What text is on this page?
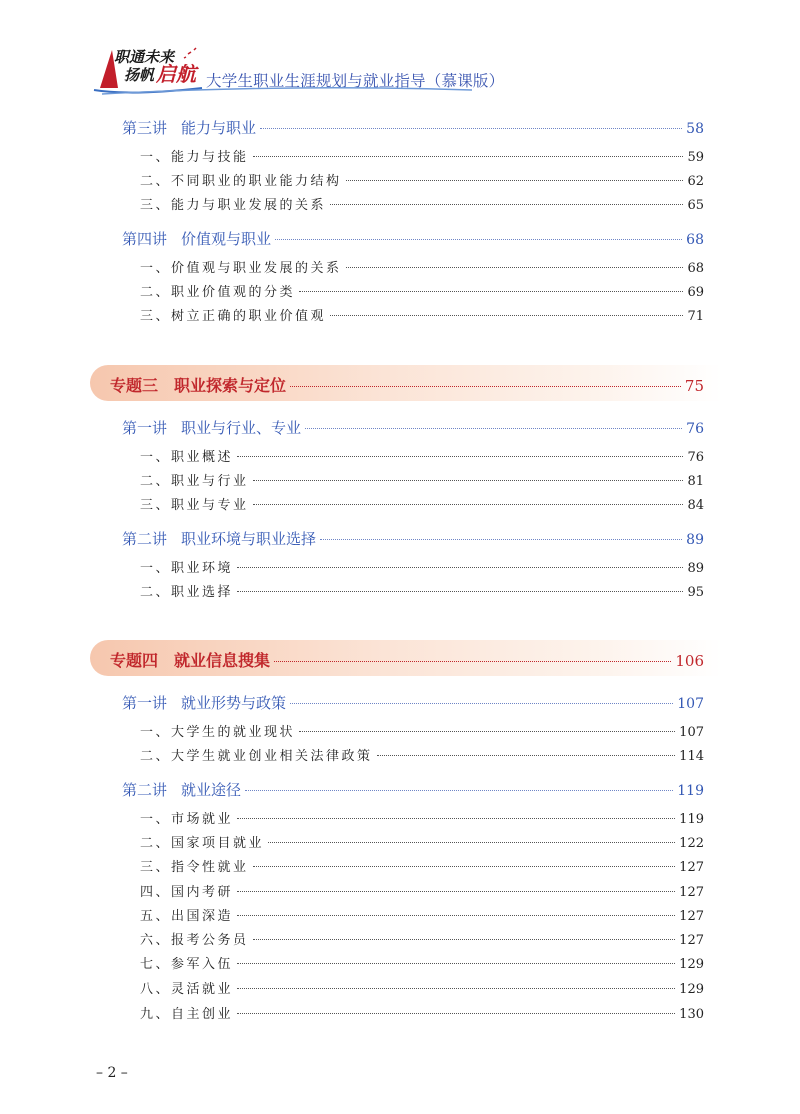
职通未来
扬帆 启航 大学生职业生涯规划与就业指导（慕课版）
第三讲 能力与职业	58
一、能力与技能	59
二、不同职业的职业能力结构	62
三、能力与职业发展的关系	65
第四讲 价值观与职业	68
一、价值观与职业发展的关系	68
二、职业价值观的分类	69
三、树立正确的职业价值观	71
专题三 职业探索与定位	75
第一讲 职业与行业、专业	76
一、职业概述	76
二、职业与行业	81
三、职业与专业	84
第二讲 职业环境与职业选择	89
一、职业环境	89
二、职业选择	95
专题四 就业信息搜集	106
第一讲 就业形势与政策	107
一、大学生的就业现状	107
二、大学生就业创业相关法律政策	114
第二讲 就业途径	119
一、市场就业	119
二、国家项目就业	122
三、指令性就业	127
四、国内考研	127
五、出国深造	127
六、报考公务员	127
七、参军入伍	129
八、灵活就业	129
九、自主创业	130
– 2 –
